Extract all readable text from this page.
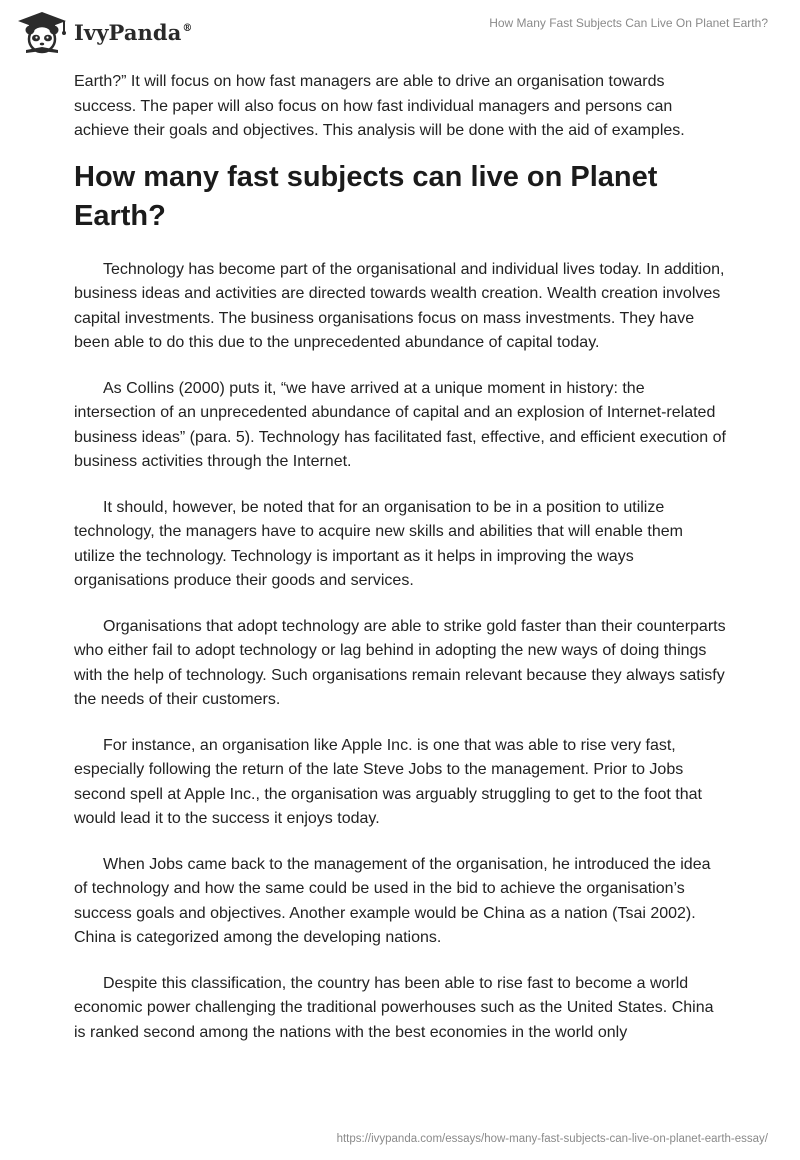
IvyPanda®	How Many Fast Subjects Can Live On Planet Earth?

Earth?” It will focus on how fast managers are able to drive an organisation towards success. The paper will also focus on how fast individual managers and persons can achieve their goals and objectives. This analysis will be done with the aid of examples.

How many fast subjects can live on Planet Earth?

Technology has become part of the organisational and individual lives today. In addition, business ideas and activities are directed towards wealth creation. Wealth creation involves capital investments. The business organisations focus on mass investments. They have been able to do this due to the unprecedented abundance of capital today.

As Collins (2000) puts it, “we have arrived at a unique moment in history: the intersection of an unprecedented abundance of capital and an explosion of Internet-related business ideas” (para. 5). Technology has facilitated fast, effective, and efficient execution of business activities through the Internet.

It should, however, be noted that for an organisation to be in a position to utilize technology, the managers have to acquire new skills and abilities that will enable them utilize the technology. Technology is important as it helps in improving the ways organisations produce their goods and services.

Organisations that adopt technology are able to strike gold faster than their counterparts who either fail to adopt technology or lag behind in adopting the new ways of doing things with the help of technology. Such organisations remain relevant because they always satisfy the needs of their customers.

For instance, an organisation like Apple Inc. is one that was able to rise very fast, especially following the return of the late Steve Jobs to the management. Prior to Jobs second spell at Apple Inc., the organisation was arguably struggling to get to the foot that would lead it to the success it enjoys today.

When Jobs came back to the management of the organisation, he introduced the idea of technology and how the same could be used in the bid to achieve the organisation’s success goals and objectives. Another example would be China as a nation (Tsai 2002). China is categorized among the developing nations.

Despite this classification, the country has been able to rise fast to become a world economic power challenging the traditional powerhouses such as the United States. China is ranked second among the nations with the best economies in the world only

https://ivypanda.com/essays/how-many-fast-subjects-can-live-on-planet-earth-essay/
